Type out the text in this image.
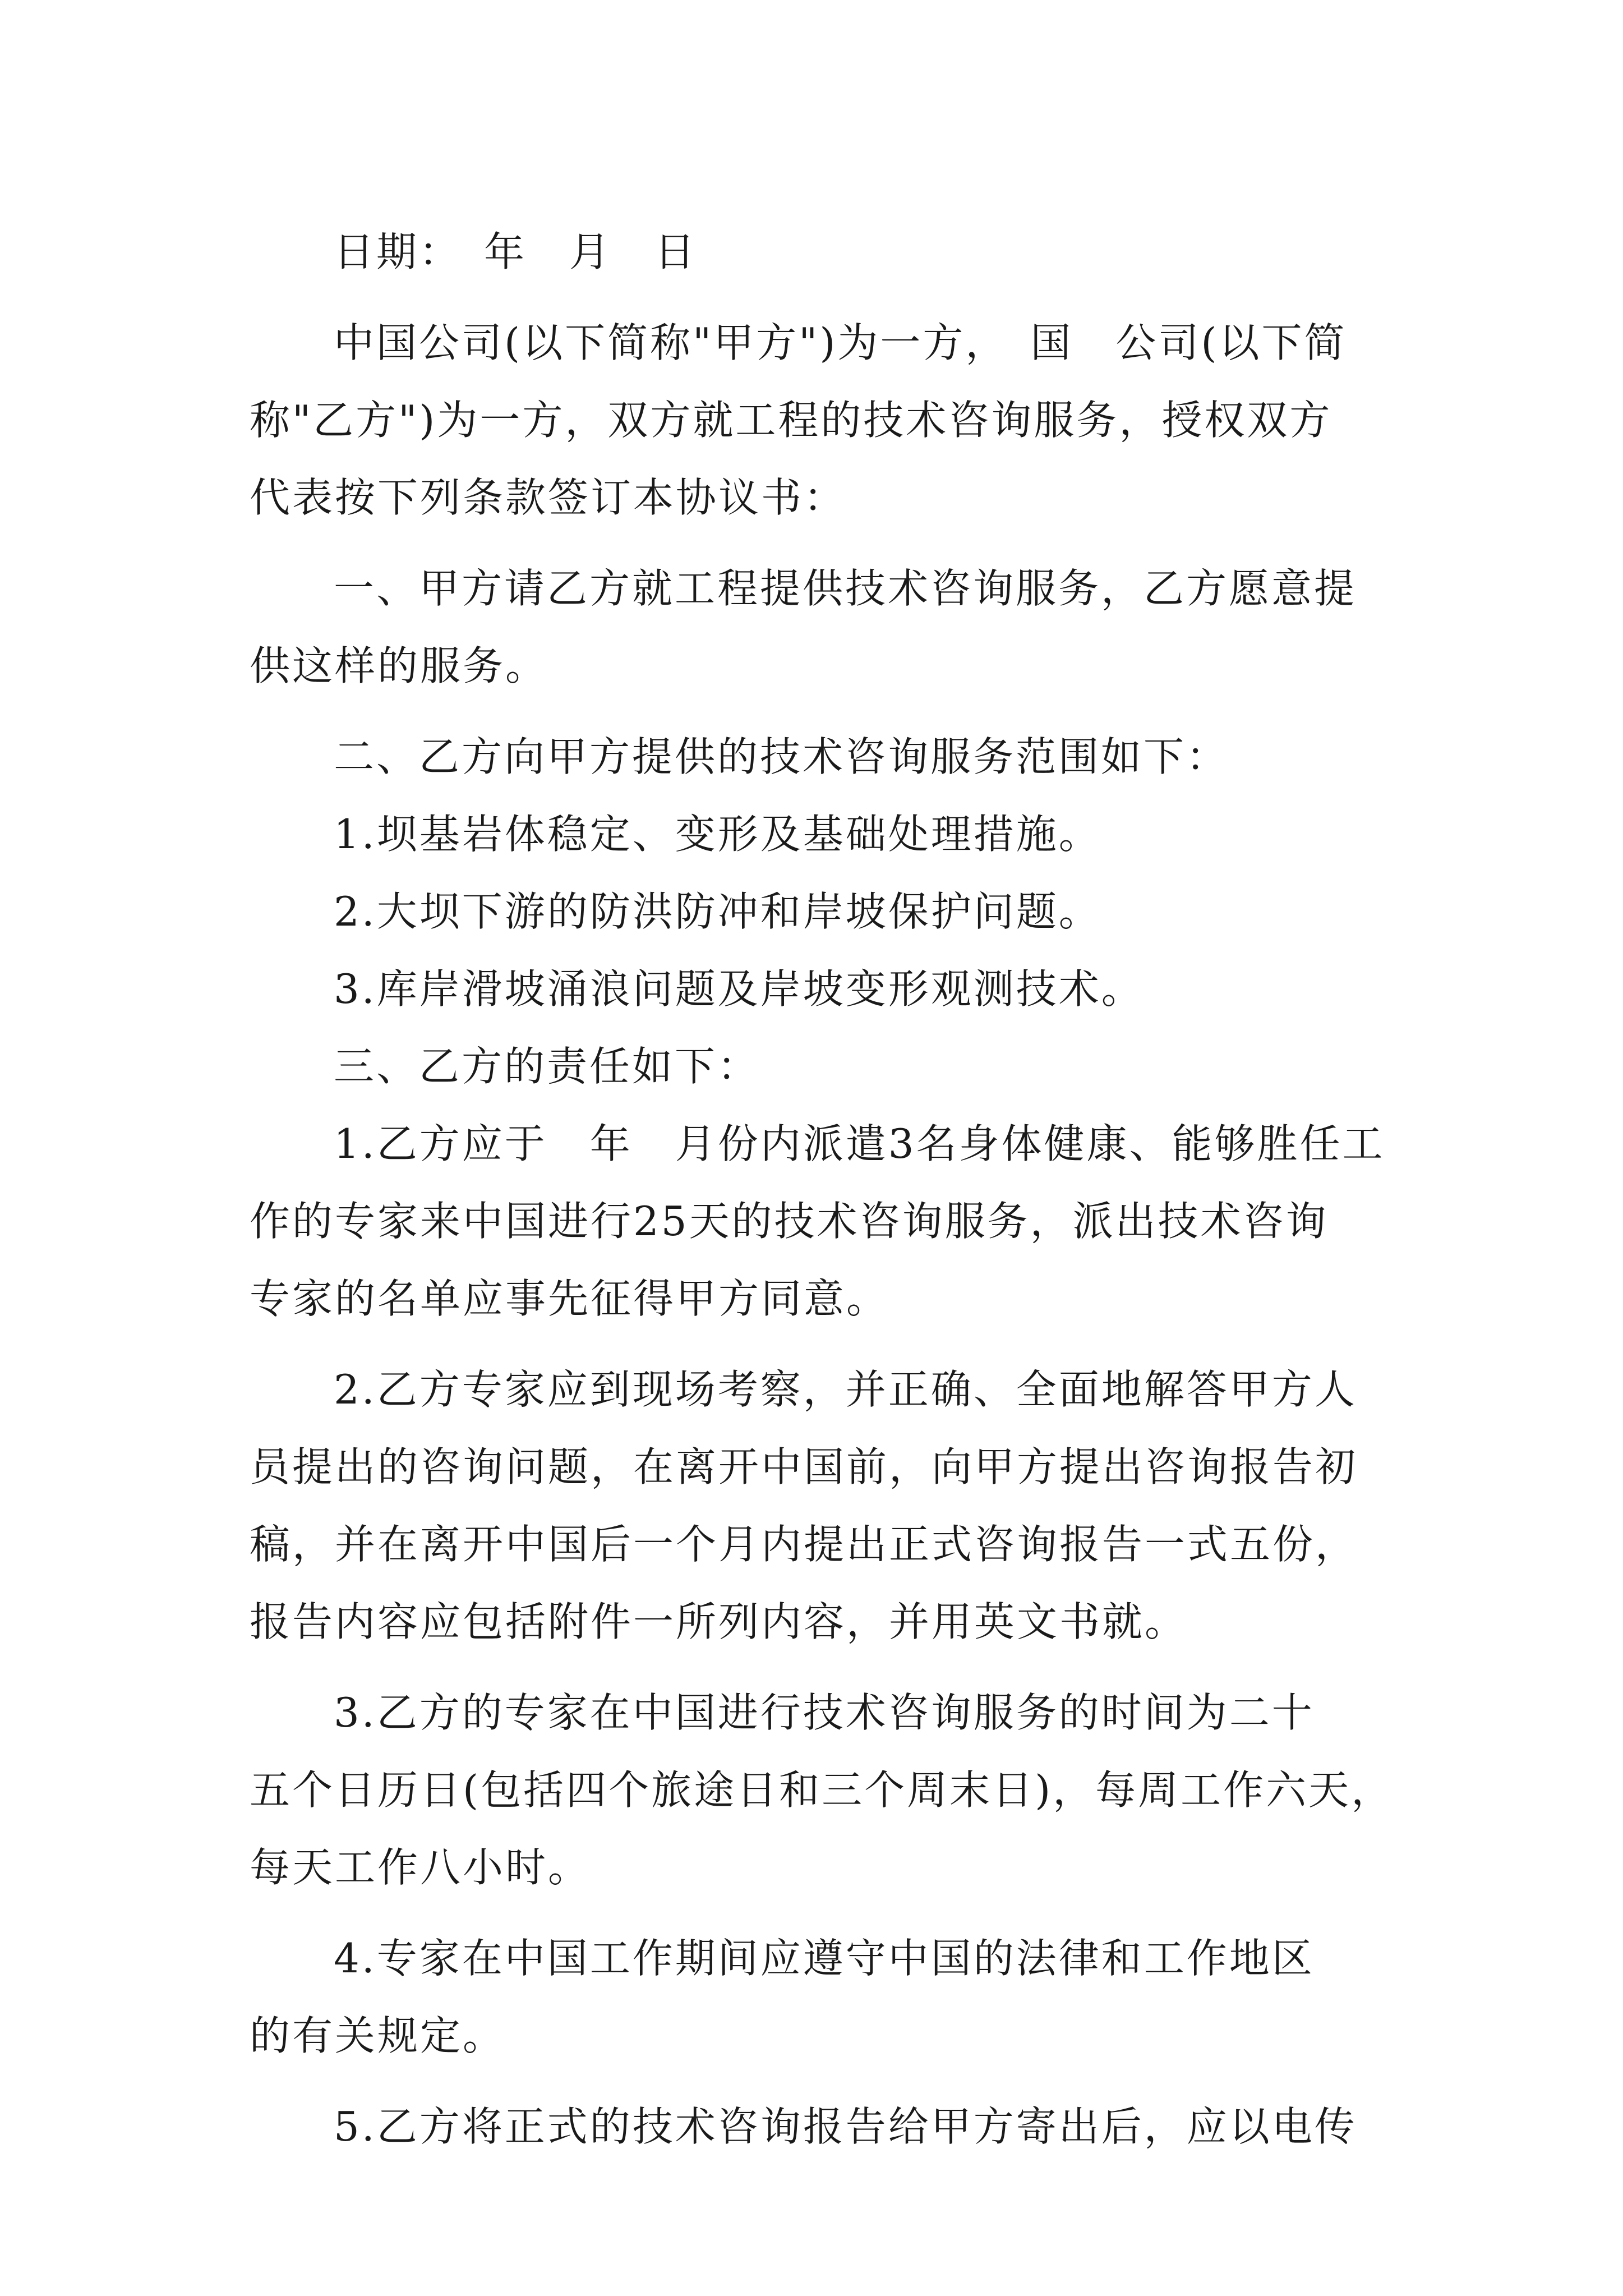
日期：　年　月　日
中国公司(以下简称"甲方")为一方，　国　公司(以下简
称"乙方")为一方，双方就工程的技术咨询服务，授权双方
代表按下列条款签订本协议书：
一、甲方请乙方就工程提供技术咨询服务，乙方愿意提
供这样的服务。
二、乙方向甲方提供的技术咨询服务范围如下：
1.坝基岩体稳定、变形及基础处理措施。
2.大坝下游的防洪防冲和岸坡保护问题。
3.库岸滑坡涌浪问题及岸坡变形观测技术。
三、乙方的责任如下：
1.乙方应于　年　月份内派遣3名身体健康、能够胜任工
作的专家来中国进行25天的技术咨询服务，派出技术咨询
专家的名单应事先征得甲方同意。
2.乙方专家应到现场考察，并正确、全面地解答甲方人
员提出的咨询问题，在离开中国前，向甲方提出咨询报告初
稿，并在离开中国后一个月内提出正式咨询报告一式五份，
报告内容应包括附件一所列内容，并用英文书就。
3.乙方的专家在中国进行技术咨询服务的时间为二十
五个日历日(包括四个旅途日和三个周末日)，每周工作六天，
每天工作八小时。
4.专家在中国工作期间应遵守中国的法律和工作地区
的有关规定。
5.乙方将正式的技术咨询报告给甲方寄出后，应以电传
